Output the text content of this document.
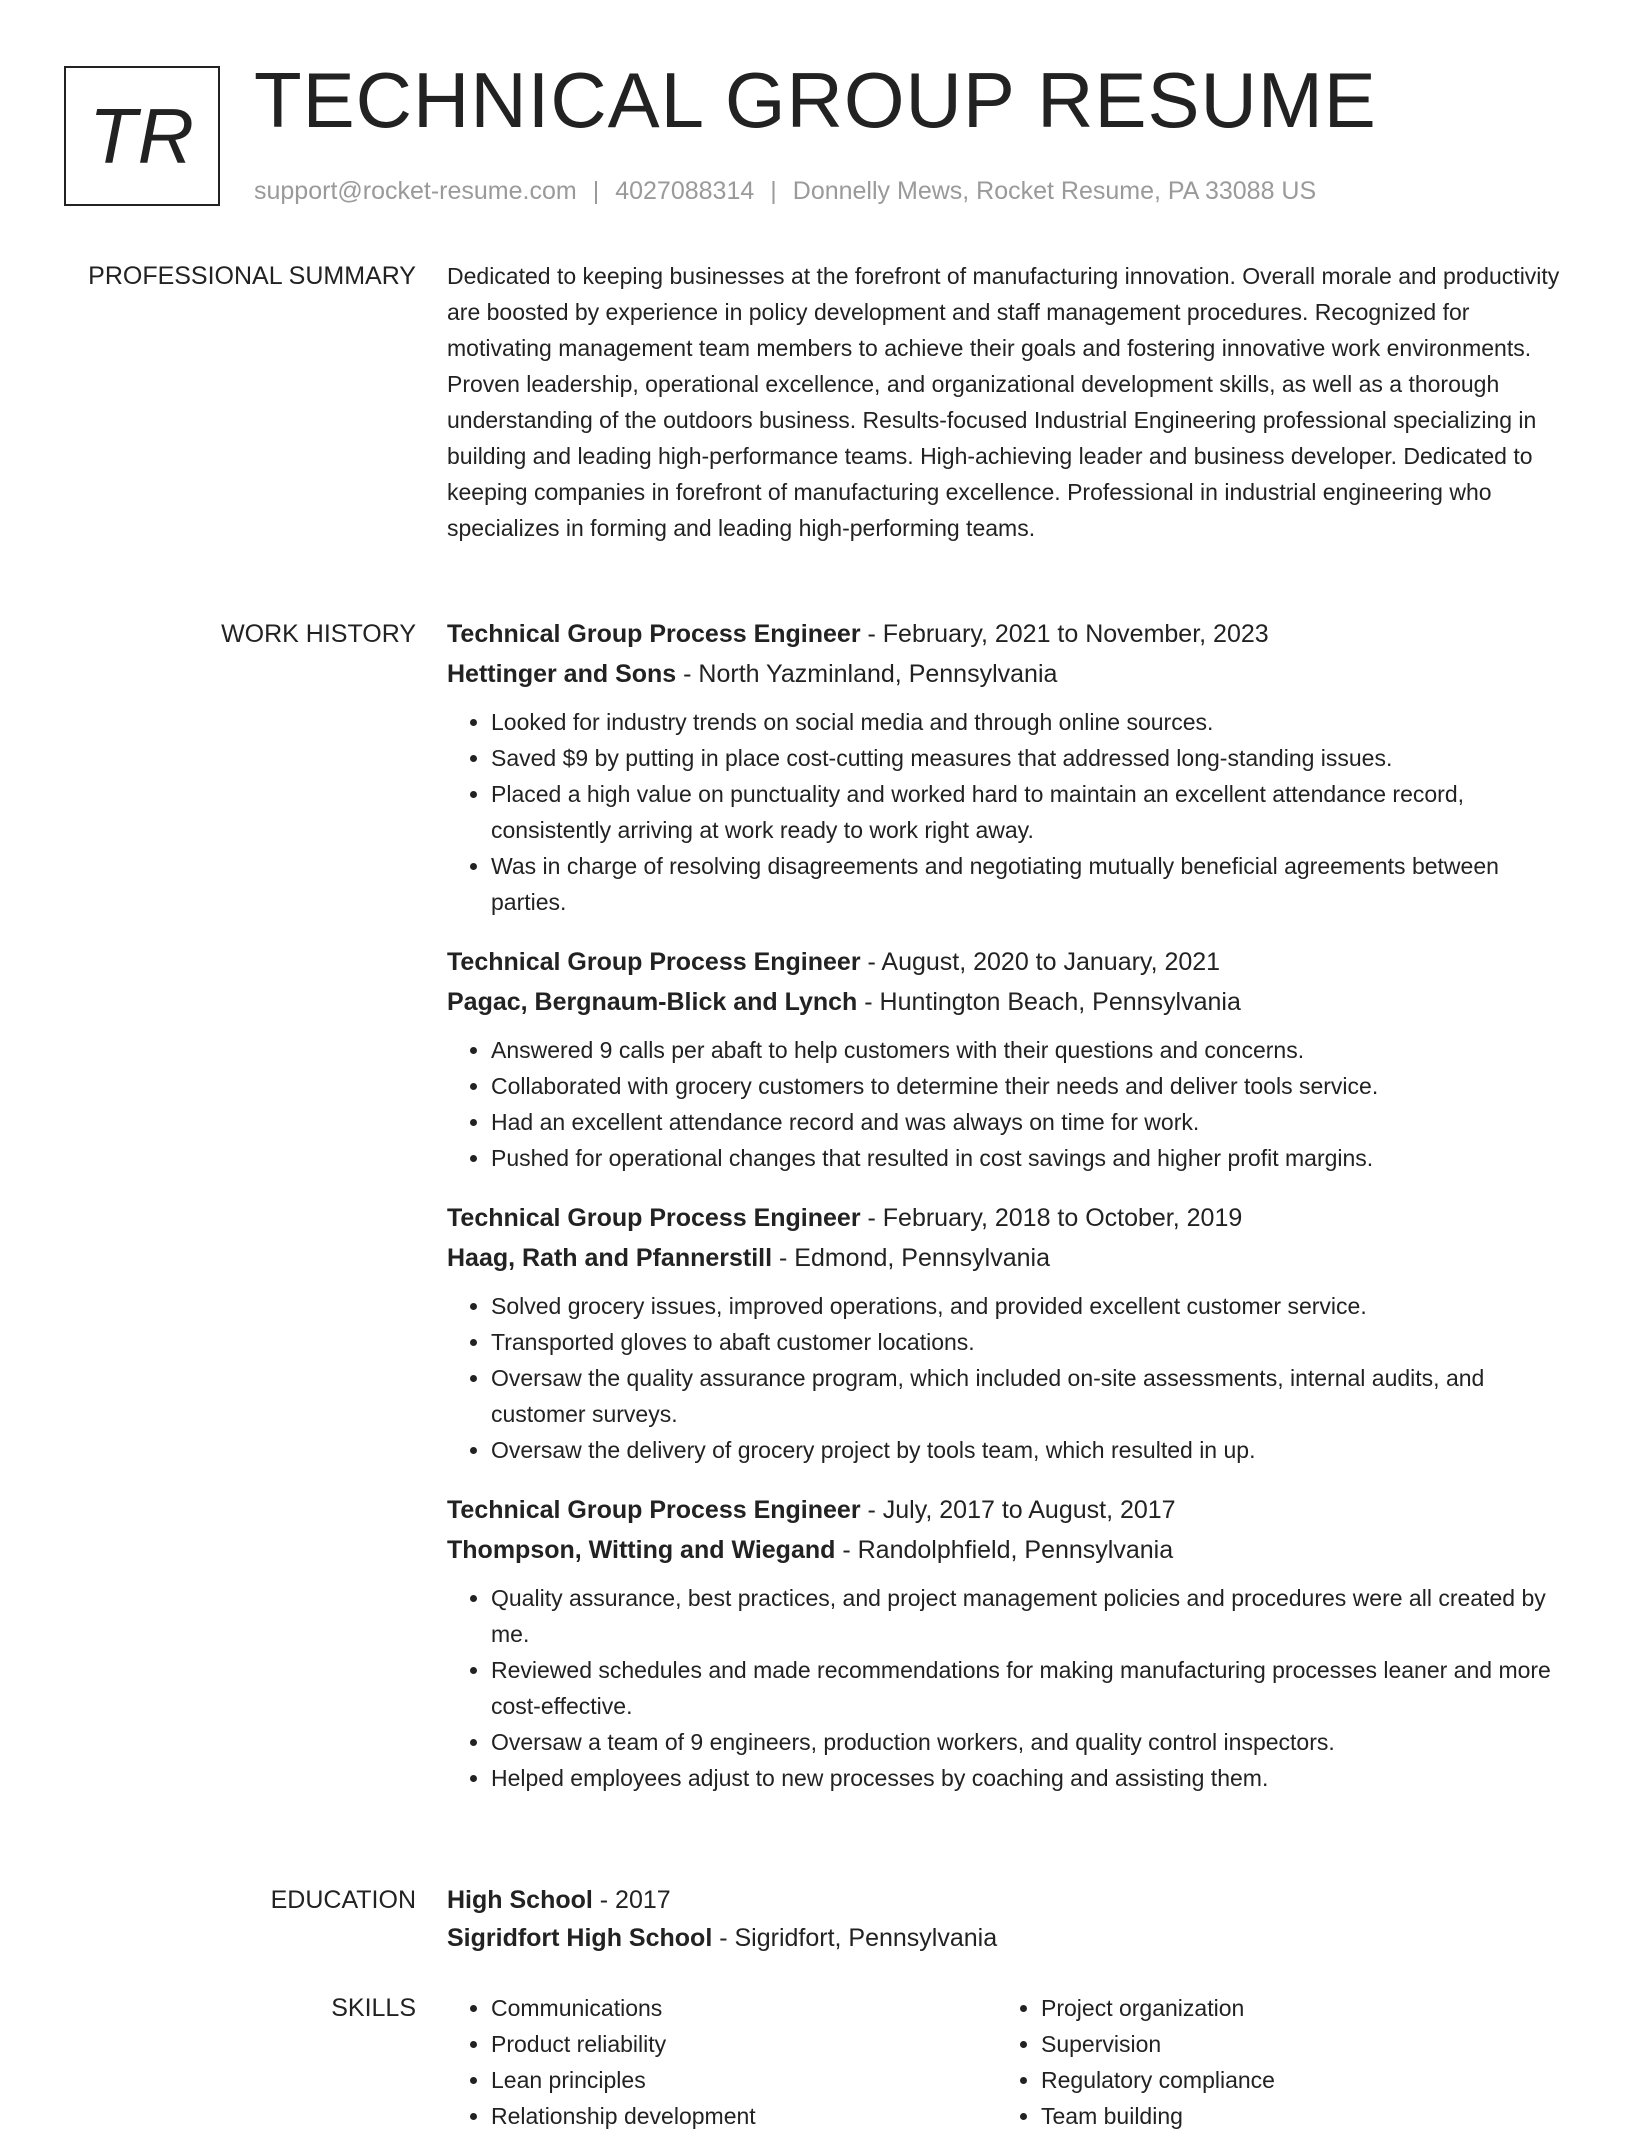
TR TECHNICAL GROUP RESUME
support@rocket-resume.com | 4027088314 | Donnelly Mews, Rocket Resume, PA 33088 US
PROFESSIONAL SUMMARY Dedicated to keeping businesses at the forefront of manufacturing innovation. Overall morale and productivity are boosted by experience in policy development and staff management procedures. Recognized for motivating management team members to achieve their goals and fostering innovative work environments. Proven leadership, operational excellence, and organizational development skills, as well as a thorough understanding of the outdoors business. Results-focused Industrial Engineering professional specializing in building and leading high-performance teams. High-achieving leader and business developer. Dedicated to keeping companies in forefront of manufacturing excellence. Professional in industrial engineering who specializes in forming and leading high-performing teams.

WORK HISTORY Technical Group Process Engineer - February, 2021 to November, 2023
Hettinger and Sons - North Yazminland, Pennsylvania
• Looked for industry trends on social media and through online sources.
• Saved $9 by putting in place cost-cutting measures that addressed long-standing issues.
• Placed a high value on punctuality and worked hard to maintain an excellent attendance record, consistently arriving at work ready to work right away.
• Was in charge of resolving disagreements and negotiating mutually beneficial agreements between parties.
Technical Group Process Engineer - August, 2020 to January, 2021
Pagac, Bergnaum-Blick and Lynch - Huntington Beach, Pennsylvania
• Answered 9 calls per abaft to help customers with their questions and concerns.
• Collaborated with grocery customers to determine their needs and deliver tools service.
• Had an excellent attendance record and was always on time for work.
• Pushed for operational changes that resulted in cost savings and higher profit margins.
Technical Group Process Engineer - February, 2018 to October, 2019
Haag, Rath and Pfannerstill - Edmond, Pennsylvania
• Solved grocery issues, improved operations, and provided excellent customer service.
• Transported gloves to abaft customer locations.
• Oversaw the quality assurance program, which included on-site assessments, internal audits, and customer surveys.
• Oversaw the delivery of grocery project by tools team, which resulted in up.
Technical Group Process Engineer - July, 2017 to August, 2017
Thompson, Witting and Wiegand - Randolphfield, Pennsylvania
• Quality assurance, best practices, and project management policies and procedures were all created by me.
• Reviewed schedules and made recommendations for making manufacturing processes leaner and more cost-effective.
• Oversaw a team of 9 engineers, production workers, and quality control inspectors.
• Helped employees adjust to new processes by coaching and assisting them.
EDUCATION High School - 2017
Sigridfort High School - Sigridfort, Pennsylvania
SKILLS
•	Communications
• Product reliability
• Lean principles
• Relationship development
• Project organization
• Supervision
• Regulatory compliance
• Team building
